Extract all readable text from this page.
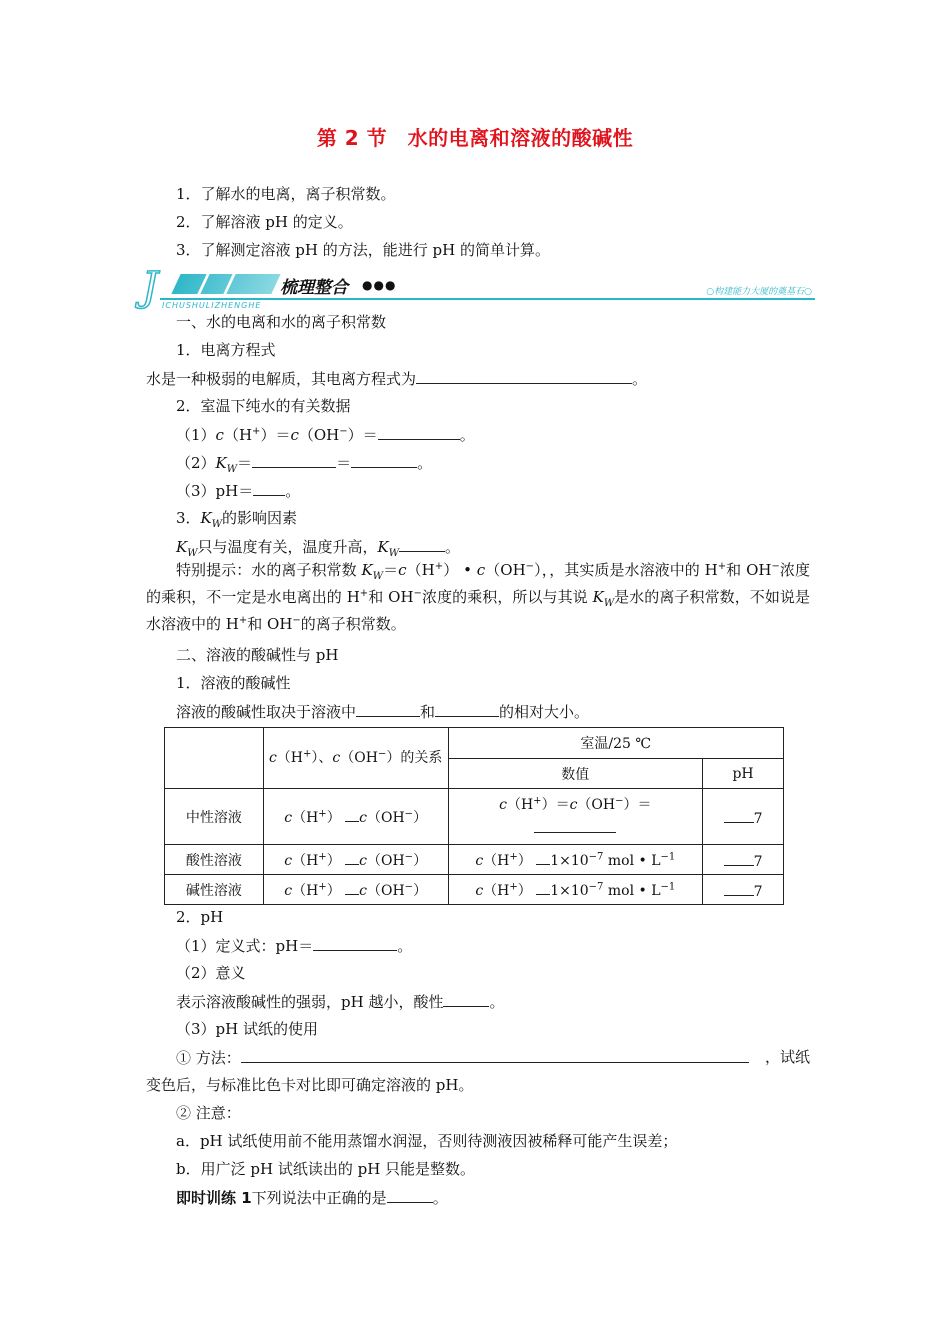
第 2 节　水的电离和溶液的酸碱性
1．了解水的电离，离子积常数。
2．了解溶液 pH 的定义。
3．了解测定溶液 pH 的方法，能进行 pH 的简单计算。
J	梳理整合 ●●●
ICHUSHULIZHENGHE
○构建能力大厦的奠基石○
一、水的电离和水的离子积常数
1．电离方程式
水是一种极弱的电解质，其电离方程式为	。
2．室温下纯水的有关数据
（1）c（H+）＝c（OH−）＝	。
$(2)K_W=$	＝	。
（3）pH＝ 。
3．$K_W$的影响因素
$K_W$只与温度有关，温度升高，$K_W$	。
特别提示：水的离子积常数 $K_W=c(H^+)$ • c（OH−），，其实质是水溶液中的 H+和 OH−浓度的乘积，不一定是水电离出的 H+和 OH−浓度的乘积，所以与其说 $K_W$是水的离子积常数，不如说是水溶液中的 H+和 OH−的离子积常数。
二、溶液的酸碱性与 pH
1．溶液的酸碱性
溶液的酸碱性取决于溶液中	和	的相对大小。
	c（H+）、c（OH−）的关系	室温/25 ℃	
		数值	pH
中性溶液	c（H+） c（OH−）	c（H+）＝c（OH−）＝	7
酸性溶液	c（H+） c（OH−）	c（H+） $1\times 10^{-7}$ mol • $L^{-1}$	7
碱性溶液	c（H+） c（OH−）	c（H+） $1\times 10^{-7}$ mol • $L^{-1}$	7
2．pH
（1）定义式：pH＝	。
（2）意义
表示溶液酸碱性的强弱，pH 越小，酸性	。
（3）pH 试纸的使用
① 方法：	，试纸
变色后，与标准比色卡对比即可确定溶液的 pH。
② 注意：
a．pH 试纸使用前不能用蒸馏水润湿，否则待测液因被稀释可能产生误差；
b．用广泛 pH 试纸读出的 pH 只能是整数。
即时训练 1下列说法中正确的是	。
